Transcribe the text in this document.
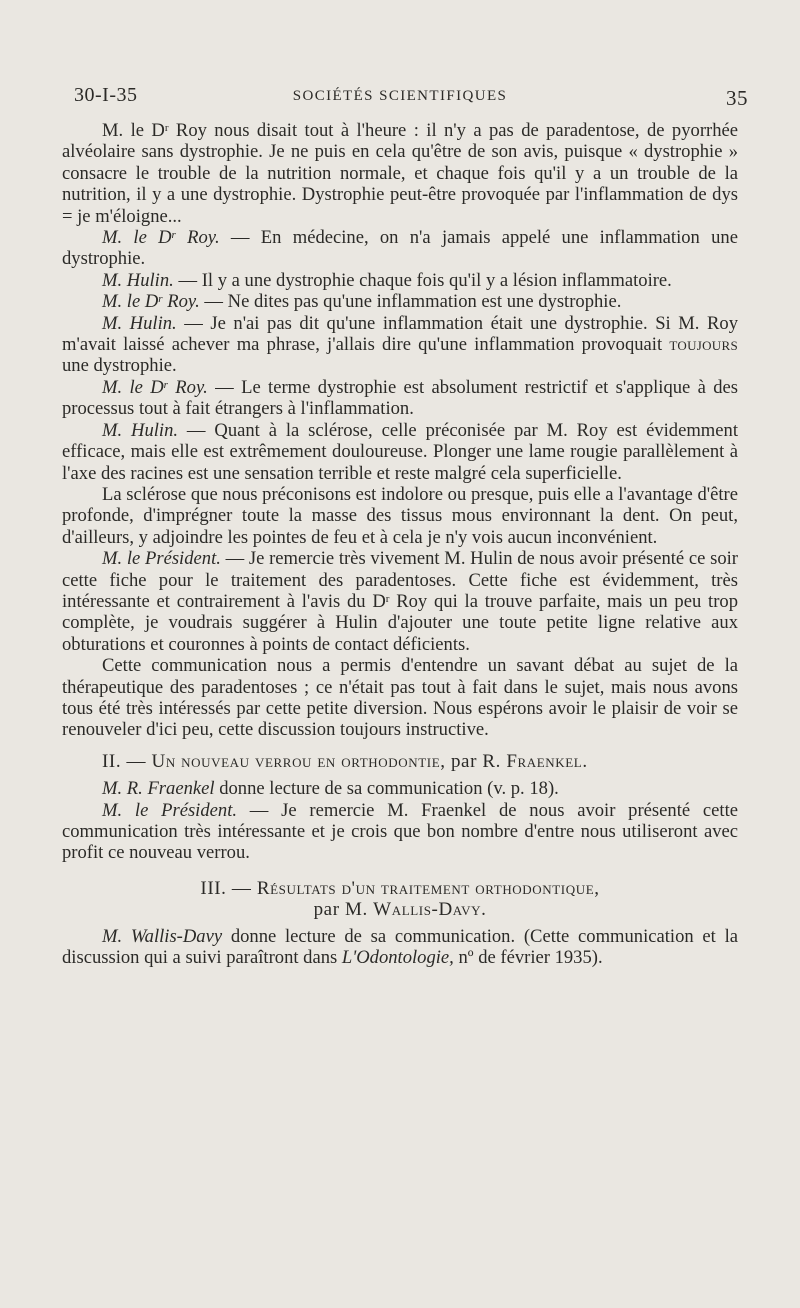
30-I-35	SOCIÉTÉS SCIENTIFIQUES	35

M. le $D^r$ Roy nous disait tout à l'heure : il n'y a pas de paradentose, de pyorrhée alvéolaire sans dystrophie. Je ne puis en cela qu'être de son avis, puisque « dystrophie » consacre le trouble de la nutrition normale, et chaque fois qu'il y a un trouble de la nutrition, il y a une dystrophie. Dystrophie peut-être provoquée par l'inflammation de dys = je m'éloigne...

M. le $D^r$ Roy. — En médecine, on n'a jamais appelé une inflammation une dystrophie.

M. Hulin. — Il y a une dystrophie chaque fois qu'il y a lésion inflammatoire.

M. le $D^r$ Roy. — Ne dites pas qu'une inflammation est une dystrophie.

M. Hulin. — Je n'ai pas dit qu'une inflammation était une dystrophie. Si M. Roy m'avait laissé achever ma phrase, j'allais dire qu'une inflammation provoquait toujours une dystrophie.

M. le $D^r$ Roy. — Le terme dystrophie est absolument restrictif et s'applique à des processus tout à fait étrangers à l'inflammation.

M. Hulin. — Quant à la sclérose, celle préconisée par M. Roy est évidemment efficace, mais elle est extrêmement douloureuse. Plonger une lame rougie parallèlement à l'axe des racines est une sensation terrible et reste malgré cela superficielle.

La sclérose que nous préconisons est indolore ou presque, puis elle a l'avantage d'être profonde, d'imprégner toute la masse des tissus mous environnant la dent. On peut, d'ailleurs, y adjoindre les pointes de feu et à cela je n'y vois aucun inconvénient.

M. le Président. — Je remercie très vivement M. Hulin de nous avoir présenté ce soir cette fiche pour le traitement des paradentoses. Cette fiche est évidemment, très intéressante et contrairement à l'avis du $D^r$ Roy qui la trouve parfaite, mais un peu trop complète, je voudrais suggérer à Hulin d'ajouter une toute petite ligne relative aux obturations et couronnes à points de contact déficients.

Cette communication nous a permis d'entendre un savant débat au sujet de la thérapeutique des paradentoses ; ce n'était pas tout à fait dans le sujet, mais nous avons tous été très intéressés par cette petite diversion. Nous espérons avoir le plaisir de voir se renouveler d'ici peu, cette discussion toujours instructive.

II. — Un nouveau verrou en orthodontie, par R. Fraenkel.

M. R. Fraenkel donne lecture de sa communication (v. p. 18).

M. le Président. — Je remercie M. Fraenkel de nous avoir présenté cette communication très intéressante et je crois que bon nombre d'entre nous utiliseront avec profit ce nouveau verrou.

III. — Résultats d'un traitement orthodontique,
par M. Wallis-Davy.

M. Wallis-Davy donne lecture de sa communication. (Cette communication et la discussion qui a suivi paraîtront dans L'Odontologie, nº de février 1935).
